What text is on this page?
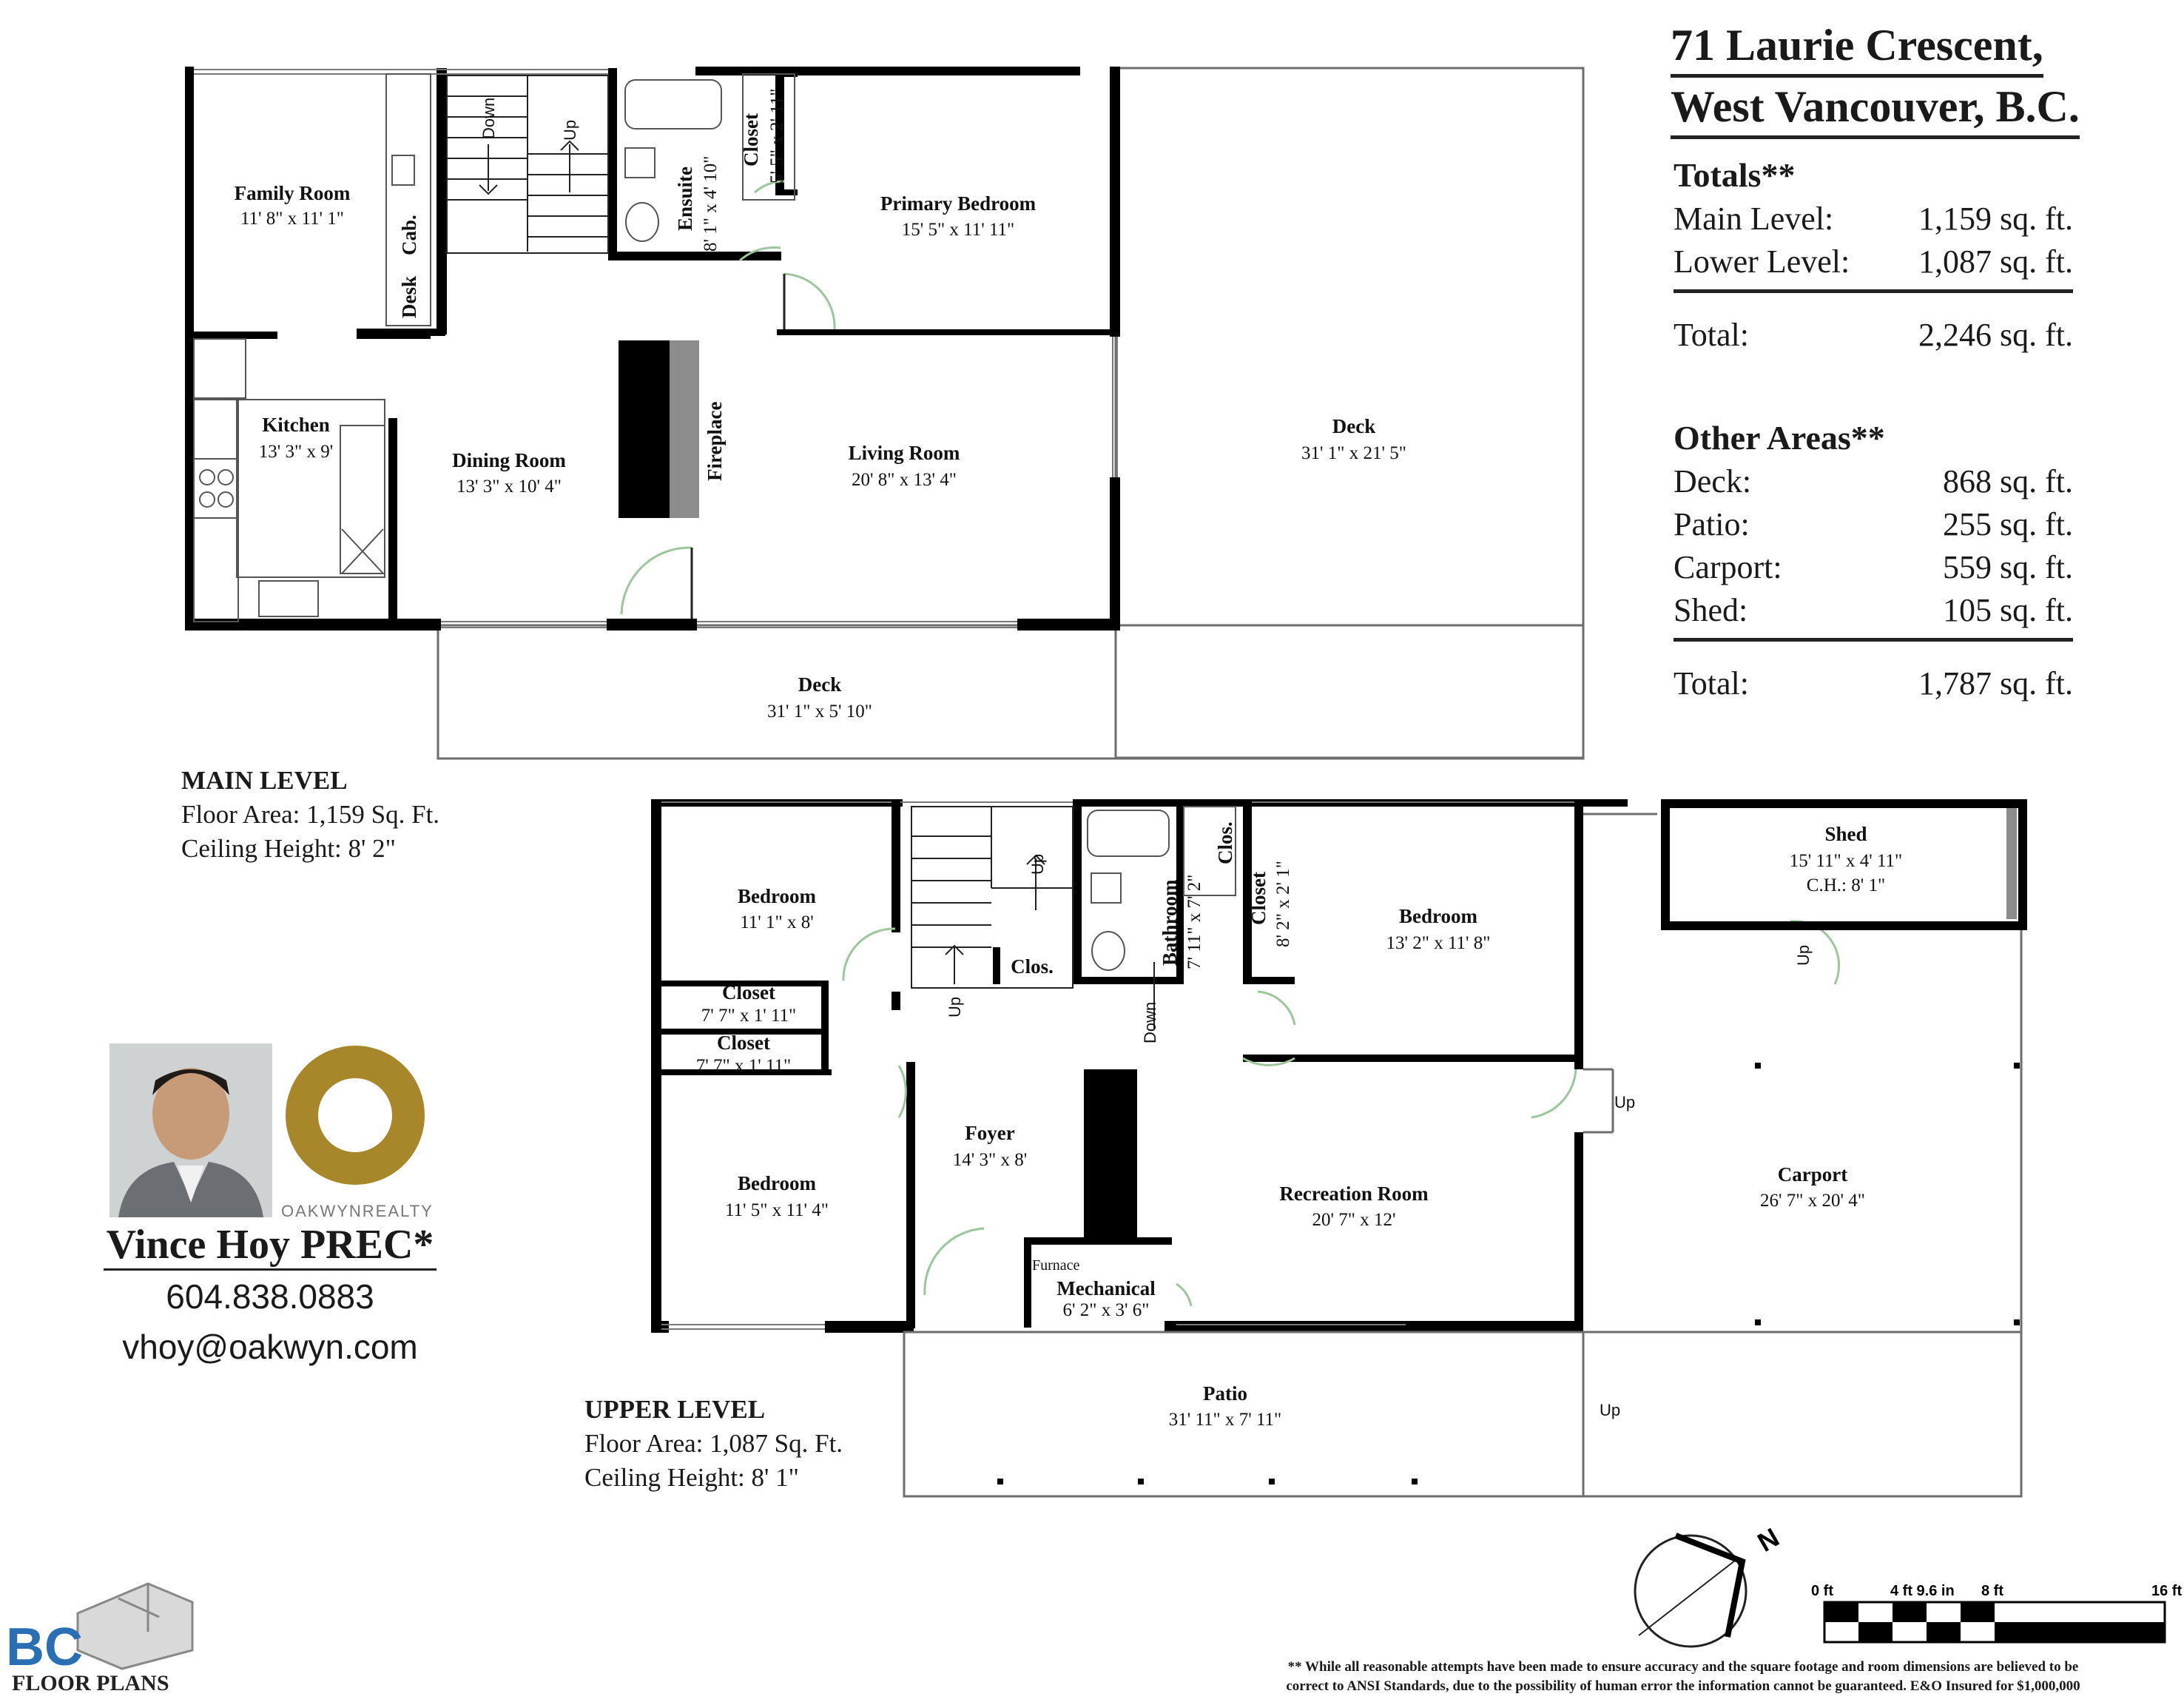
Family Room
11' 8" x 11' 1"
Kitchen
13' 3" x 9'	Dining Room
13' 3" x 10' 4"
Living Room
20' 8" x 13' 4"
Primary Bedroom
15' 5" x 11' 11"
Deck
31' 1" x 21' 5"
Deck
31' 1" x 5' 10"
Ensuite 8' 1" x 4' 10"
Closet 5' 5" x 2' 11"
Fireplace
Desk
Cab.
Down	Up
Bedroom
11' 1" x 8'
Closet
7' 7" x 1' 11"
Closet
7' 7" x 1' 11"
Bedroom
11' 5" x 11' 4"
Foyer
14' 3" x 8'
Furnace
Mechanical
6' 2" x 3' 6"
Recreation Room
20' 7" x 12'
Bedroom
13' 2" x 11' 8"
Bathroom 7' 11" x 7' 2"
Clos.
Clos.
Closet 8' 2" x 2' 1"
Shed
15' 11" x 4' 11"
C.H.: 8' 1"
Carport
26' 7" x 20' 4"
Patio
31' 11" x 7' 11"
Up
Up	Down
Up
Up
Up
N
0 ft	4 ft 9.6 in 8 ft	16 ft
BC
FLOOR PLANS
OAKWYNREALTY
71 Laurie Crescent,
West Vancouver, B.C.
Totals**
Main Level:	1,159 sq. ft.
Lower Level: 1,087 sq. ft.
Total:	2,246 sq. ft.
Other Areas**
Deck:	868 sq. ft.
Patio:	255 sq. ft.
Carport:	559 sq. ft.
Shed:	105 sq. ft.
Total:	1,787 sq. ft.
MAIN LEVEL
Floor Area: 1,159 Sq. Ft.
Ceiling Height: 8' 2"
UPPER LEVEL
Floor Area: 1,087 Sq. Ft.
Ceiling Height: 8' 1"
Vince Hoy PREC*
604.838.0883
vhoy@oakwyn.com
** While all reasonable attempts have been made to ensure accuracy and the square footage and room dimensions are believed to be
correct to ANSI Standards, due to the possibility of human error the information cannot be guaranteed. E&O Insured for $1,000,000
